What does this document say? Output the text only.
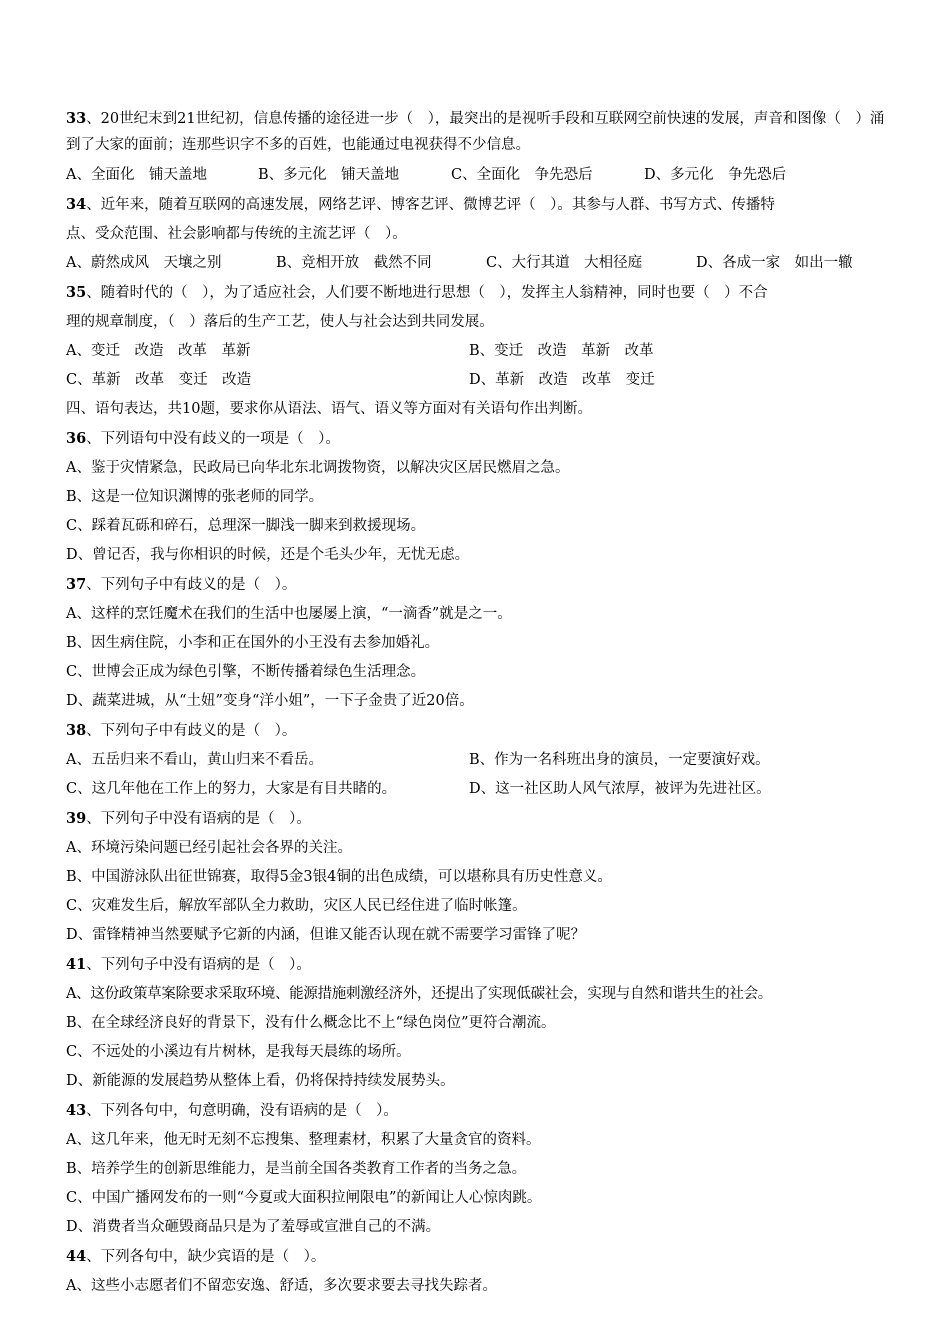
33、20世纪末到21世纪初，信息传播的途径进一步（　），最突出的是视听手段和互联网空前快速的发展，声音和图像（　）涌到了大家的面前；连那些识字不多的百姓，也能通过电视获得不少信息。
A、全面化　铺天盖地	B、多元化　铺天盖地	C、全面化　争先恐后	D、多元化　争先恐后
34、近年来，随着互联网的高速发展，网络艺评、博客艺评、微博艺评（　）。其参与人群、书写方式、传播特
点、受众范围、社会影响都与传统的主流艺评（　）。
A、蔚然成风　天壤之别	B、竞相开放　截然不同	C、大行其道　大相径庭	D、各成一家　如出一辙
35、随着时代的（　），为了适应社会，人们要不断地进行思想（　），发挥主人翁精神，同时也要（　）不合
理的规章制度，（　）落后的生产工艺，使人与社会达到共同发展。
A、变迁　改造　改革　革新	B、变迁　改造　革新　改革
C、革新　改革　变迁　改造	D、革新　改造　改革　变迁
四、语句表达，共10题，要求你从语法、语气、语义等方面对有关语句作出判断。
36、下列语句中没有歧义的一项是（　）。
A、鉴于灾情紧急，民政局已向华北东北调拨物资，以解决灾区居民燃眉之急。
B、这是一位知识渊博的张老师的同学。
C、踩着瓦砾和碎石，总理深一脚浅一脚来到救援现场。
D、曾记否，我与你相识的时候，还是个毛头少年，无忧无虑。
37、下列句子中有歧义的是（　）。
A、这样的烹饪魔术在我们的生活中也屡屡上演，“一滴香”就是之一。
B、因生病住院，小李和正在国外的小王没有去参加婚礼。
C、世博会正成为绿色引擎，不断传播着绿色生活理念。
D、蔬菜进城，从“土妞”变身“洋小姐”，一下子金贵了近20倍。
38、下列句子中有歧义的是（　）。
A、五岳归来不看山，黄山归来不看岳。	B、作为一名科班出身的演员，一定要演好戏。
C、这几年他在工作上的努力，大家是有目共睹的。	D、这一社区助人风气浓厚，被评为先进社区。
39、下列句子中没有语病的是（　）。
A、环境污染问题已经引起社会各界的关注。
B、中国游泳队出征世锦赛，取得5金3银4铜的出色成绩，可以堪称具有历史性意义。
C、灾难发生后，解放军部队全力救助，灾区人民已经住进了临时帐篷。
D、雷锋精神当然要赋予它新的内涵，但谁又能否认现在就不需要学习雷锋了呢？
41、下列句子中没有语病的是（　）。
A、这份政策草案除要求采取环境、能源措施刺激经济外，还提出了实现低碳社会，实现与自然和谐共生的社会。
B、在全球经济良好的背景下，没有什么概念比不上“绿色岗位”更符合潮流。
C、不远处的小溪边有片树林，是我每天晨练的场所。
D、新能源的发展趋势从整体上看，仍将保持持续发展势头。
43、下列各句中，句意明确，没有语病的是（　）。
A、这几年来，他无时无刻不忘搜集、整理素材，积累了大量贪官的资料。
B、培养学生的创新思维能力，是当前全国各类教育工作者的当务之急。
C、中国广播网发布的一则“今夏或大面积拉闸限电”的新闻让人心惊肉跳。
D、消费者当众砸毁商品只是为了羞辱或宣泄自己的不满。
44、下列各句中，缺少宾语的是（　）。
A、这些小志愿者们不留恋安逸、舒适，多次要求要去寻找失踪者。
